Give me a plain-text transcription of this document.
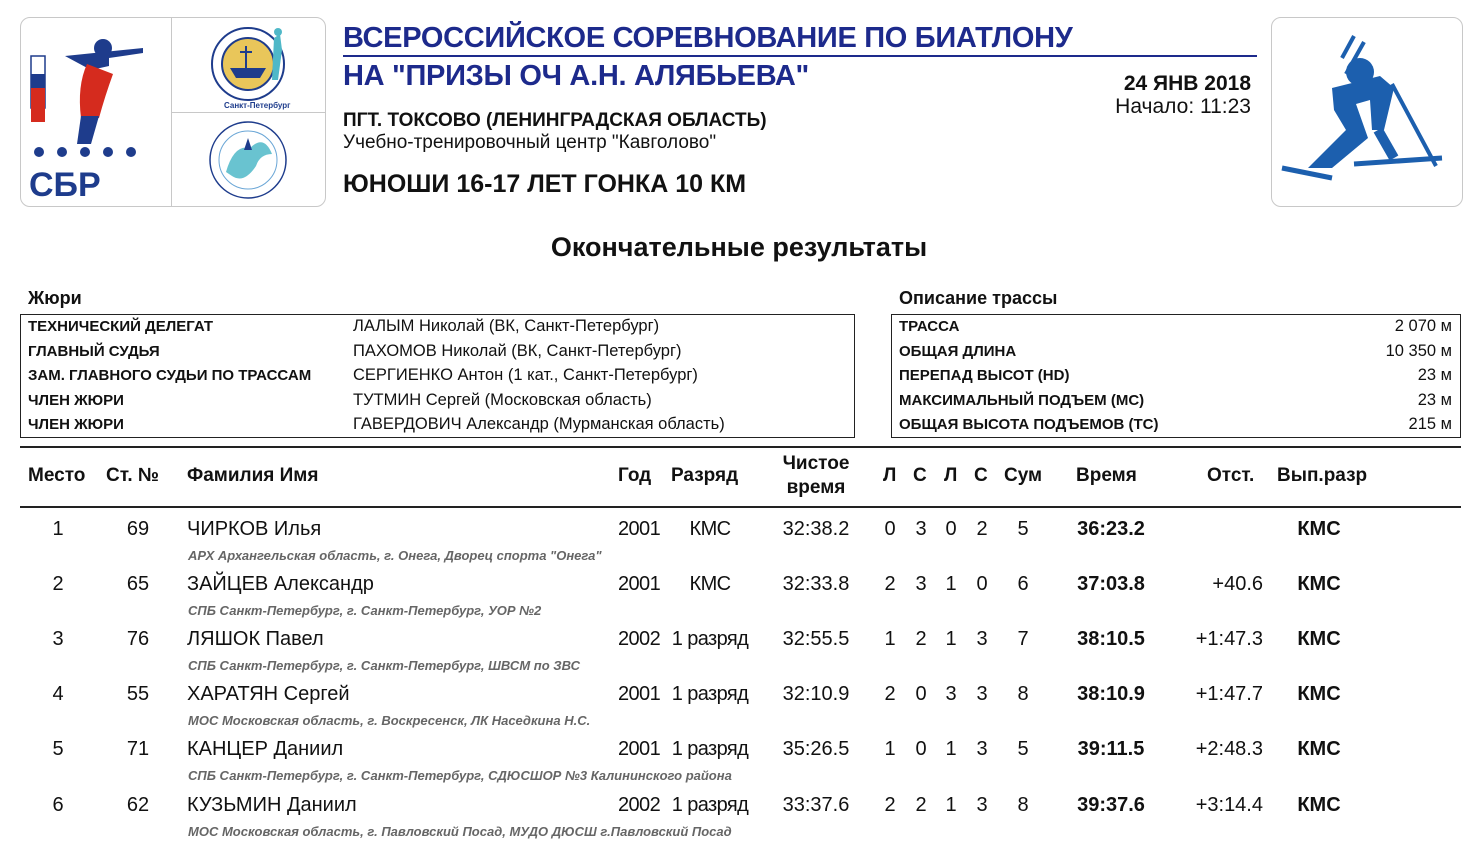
СБР
Санкт-Петербург
ВСЕРОССИЙСКОЕ СОРЕВНОВАНИЕ ПО БИАТЛОНУ
НА "ПРИЗЫ ОЧ А.Н. АЛЯБЬЕВА"	24 ЯНВ 2018
Начало: 11:23
ПГТ. ТОКСОВО (ЛЕНИНГРАДСКАЯ ОБЛАСТЬ)
Учебно-тренировочный центр "Кавголово"
ЮНОШИ 16-17 ЛЕТ ГОНКА 10 КМ
Окончательные результаты
Жюри
ТЕХНИЧЕСКИЙ ДЕЛЕГАТ	ЛАЛЫМ Николай (ВК, Санкт-Петербург)
ГЛАВНЫЙ СУДЬЯ	ПАХОМОВ Николай (ВК, Санкт-Петербург)
ЗАМ. ГЛАВНОГО СУДЬИ ПО ТРАССАМ	СЕРГИЕНКО Антон (1 кат., Санкт-Петербург)
ЧЛЕН ЖЮРИ	ТУТМИН Сергей (Московская область)
ЧЛЕН ЖЮРИ	ГАВЕРДОВИЧ Александр (Мурманская область)
Описание трассы
ТРАССА	2 070 м
ОБЩАЯ ДЛИНА	10 350 м
ПЕРЕПАД ВЫСОТ (HD)	23 м
МАКСИМАЛЬНЫЙ ПОДЪЕМ (MC)	23 м
ОБЩАЯ ВЫСОТА ПОДЪЕМОВ (TC)	215 м
Место Ст. № Фамилия Имя	Год Разряд
Чистое
время
Л С Л С Сум Время	Отст. Вып.разр
1	69	ЧИРКОВ Илья
АРХ Архангельская область, г. Онега, Дворец спорта "Онега"
2001	КМС	32:38.2	0 3 0 2 5	36:23.2	КМС
2	65	ЗАЙЦЕВ Александр
СПБ Санкт-Петербург, г. Санкт-Петербург, УОР №2
2001	КМС	32:33.8	2 3 1 0 6	37:03.8	+40.6	КМС
3	76	ЛЯШОК Павел
СПБ Санкт-Петербург, г. Санкт-Петербург, ШВСМ по ЗВС
2002 1 разряд	32:55.5	1 2 1 3 7	38:10.5	+1:47.3	КМС
4	55	ХАРАТЯН Сергей
МОС Московская область, г. Воскресенск, ЛК Наседкина Н.С.
2001 1 разряд	32:10.9	2 0 3 3 8	38:10.9	+1:47.7	КМС
5	71	КАНЦЕР Даниил
СПБ Санкт-Петербург, г. Санкт-Петербург, СДЮСШОР №3 Калининского района
2001 1 разряд	35:26.5	1 0 1 3 5	39:11.5	+2:48.3	КМС
6	62	КУЗЬМИН Даниил
МОС Московская область, г. Павловский Посад, МУДО ДЮСШ г.Павловский Посад
2002 1 разряд	33:37.6	2 2 1 3 8	39:37.6	+3:14.4	КМС
